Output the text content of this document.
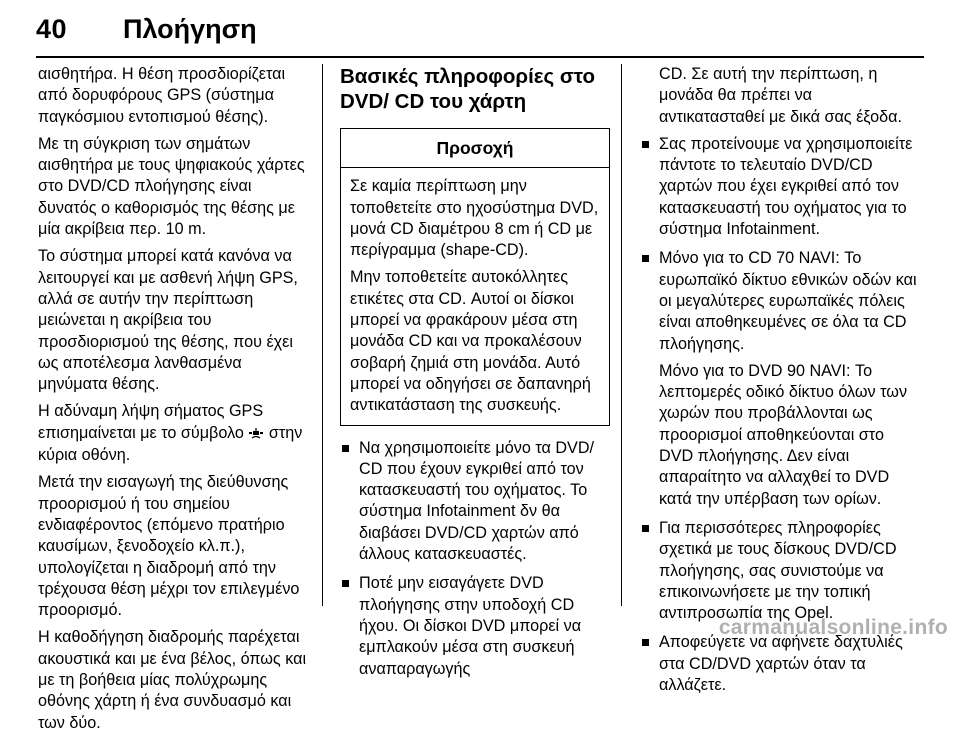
40 Πλοήγηση

αισθητήρα. Η θέση προσδιορίζεται από δορυφόρους GPS (σύστημα παγκόσμιου εντοπισμού θέσης).

Με τη σύγκριση των σημάτων αισθητήρα με τους ψηφιακούς χάρτες στο DVD/CD πλοήγησης είναι δυνατός ο καθορισμός της θέσης με μία ακρίβεια περ. 10 m.

Το σύστημα μπορεί κατά κανόνα να λειτουργεί και με ασθενή λήψη GPS, αλλά σε αυτήν την περίπτωση μειώνεται η ακρίβεια του προσδιορισμού της θέσης, που έχει ως αποτέλεσμα λανθασμένα μηνύματα θέσης.

Η αδύναμη λήψη σήματος GPS επισημαίνεται με το σύμβολο στην κύρια οθόνη.

Μετά την εισαγωγή της διεύθυνσης προορισμού ή του σημείου ενδιαφέροντος (επόμενο πρατήριο καυσίμων, ξενοδοχείο κλ.π.), υπολογίζεται η διαδρομή από την τρέχουσα θέση μέχρι τον επιλεγμένο προορισμό.

Η καθοδήγηση διαδρομής παρέχεται ακουστικά και με ένα βέλος, όπως και με τη βοήθεια μίας πολύχρωμης οθόνης χάρτη ή ένα συνδυασμό και των δύο.

Βασικές πληροφορίες στο DVD/ CD του χάρτη
Προσοχή

Σε καμία περίπτωση μην τοποθετείτε στο ηχοσύστημα DVD, μονά CD διαμέτρου 8 cm ή CD με περίγραμμα (shape-CD).

Μην τοποθετείτε αυτοκόλλητες ετικέτες στα CD. Αυτοί οι δίσκοι μπορεί να φρακάρουν μέσα στη μονάδα CD και να προκαλέσουν σοβαρή ζημιά στη μονάδα. Αυτό μπορεί να οδηγήσει σε δαπανηρή αντικατάσταση της συσκευής.

Να χρησιμοποιείτε μόνο τα DVD/ CD που έχουν εγκριθεί από τον κατασκευαστή του οχήματος. Το σύστημα Infotainment δν θα διαβάσει DVD/CD χαρτών από άλλους κατασκευαστές.
Ποτέ μην εισαγάγετε DVD πλοήγησης στην υποδοχή CD ήχου. Οι δίσκοι DVD μπορεί να εμπλακούν μέσα στη συσκευή αναπαραγωγής

CD. Σε αυτή την περίπτωση, η μονάδα θα πρέπει να αντικατασταθεί με δικά σας έξοδα.

Σας προτείνουμε να χρησιμοποιείτε πάντοτε το τελευταίο DVD/CD χαρτών που έχει εγκριθεί από τον κατασκευαστή του οχήματος για το σύστημα Infotainment.

Μόνο για το CD 70 NAVI: Το ευρωπαϊκό δίκτυο εθνικών οδών και οι μεγαλύτερες ευρωπαϊκές πόλεις είναι αποθηκευμένες σε όλα τα CD πλοήγησης.

Μόνο για το DVD 90 NAVI: Το λεπτομερές οδικό δίκτυο όλων των χωρών που προβάλλονται ως προορισμοί αποθηκεύονται στο DVD πλοήγησης. Δεν είναι απαραίτητο να αλλαχθεί το DVD κατά την υπέρβαση των ορίων.

Για περισσότερες πληροφορίες σχετικά με τους δίσκους DVD/CD πλοήγησης, σας συνιστούμε να επικοινωνήσετε με την τοπική αντιπροσωπία της Opel.
Αποφεύγετε να αφήνετε δαχτυλιές στα CD/DVD χαρτών όταν τα αλλάζετε.
carmanualsonline.info
